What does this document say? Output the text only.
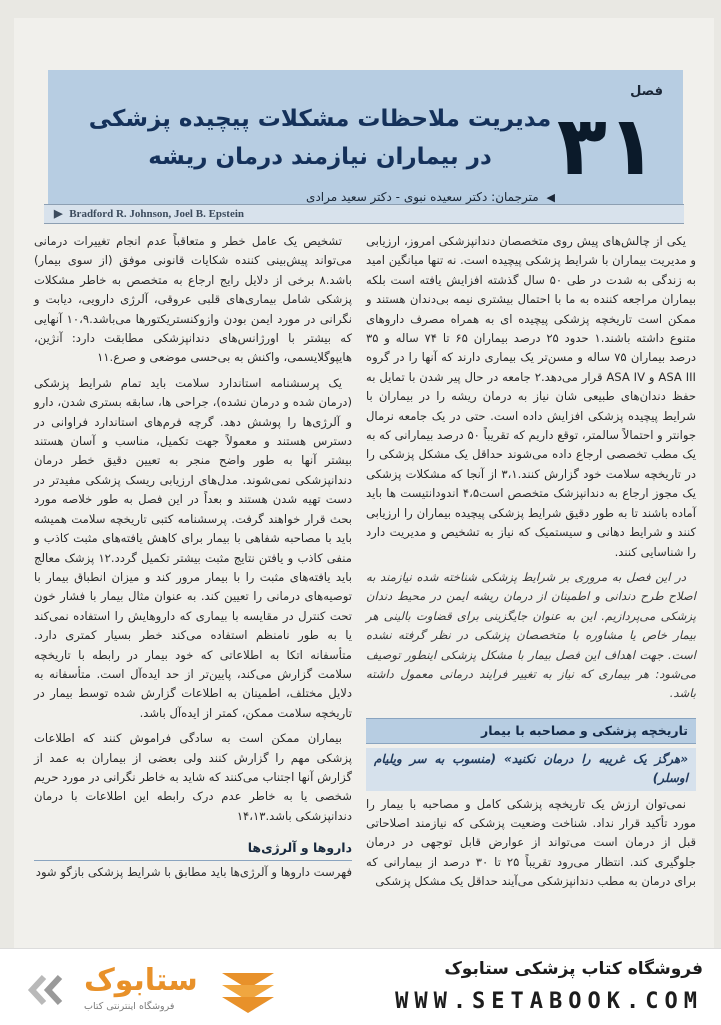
فصل
۳۱
مدیریت ملاحظات مشکلات پیچیده پزشکی در بیماران نیازمند درمان ریشه
◀ مترجمان: دکتر سعیده نبوی - دکتر سعید مرادی
▶ Bradford R. Johnson, Joel B. Epstein

یکی از چالش‌های پیش روی متخصصان دندانپزشکی امروز، ارزیابی و مدیریت بیماران با شرایط پزشکی پیچیده است. نه تنها میانگین امید به زندگی به شدت در طی ۵۰ سال گذشته افزایش یافته است بلکه بیماران مراجعه کننده به ما با احتمال بیشتری نیمه بی‌دندان هستند و ممکن است تاریخچه پزشکی پیچیده ای به همراه مصرف داروهای متنوع داشته باشند.۱ حدود ۲۵ درصد بیماران ۶۵ تا ۷۴ ساله و ۳۵ درصد بیماران ۷۵ ساله و مسن‌تر یک بیماری دارند که آنها را در گروه ASA III و ASA IV قرار می‌دهد.۲ جامعه در حال پیر شدن با تمایل به حفظ دندان‌های طبیعی شان نیاز به درمان ریشه را در بیماران با شرایط پیچیده پزشکی افزایش داده است. حتی در یک جامعه نرمال جوانتر و احتمالاً سالمتر، توقع داریم که تقریباً ۵۰ درصد بیمارانی که به یک مطب تخصصی ارجاع داده می‌شوند حداقل یک مشکل پزشکی را در تاریخچه سلامت خود گزارش کنند.۳،۱ از آنجا که مشکلات پزشکی یک مجوز ارجاع به دندانپزشک متخصص است۴،۵ اندودانتیست ها باید آماده باشند تا به طور دقیق شرایط پزشکی پیچیده بیماران را ارزیابی کنند و شرایط دهانی و سیستمیک که نیاز به تشخیص و مدیریت دارد را شناسایی کنند.

در این فصل به مروری بر شرایط پزشکی شناخته شده نیازمند به اصلاح طرح دندانی و اطمینان از درمان ریشه ایمن در محیط دندان پزشکی می‌پردازیم. این به عنوان جایگزینی برای قضاوت بالینی هر بیمار خاص یا مشاوره با متخصصان پزشکی در نظر گرفته نشده است. جهت اهداف این فصل بیمار با مشکل پزشکی اینطور توصیف می‌شود: هر بیماری که نیاز به تغییر فرایند درمانی معمول داشته باشد.

تاریخچه پزشکی و مصاحبه با بیمار
«هرگز یک غریبه را درمان نکنید» (منسوب به سر ویلیام اوسلر)

نمی‌توان ارزش یک تاریخچه پزشکی کامل و مصاحبه با بیمار را مورد تأکید قرار نداد. شناخت وضعیت پزشکی که نیازمند اصلاحاتی قبل از درمان است می‌تواند از عوارض قابل توجهی در درمان جلوگیری کند. انتظار می‌رود تقریباً ۲۵ تا ۳۰ درصد از بیمارانی که برای درمان به مطب دندانپزشکی می‌آیند حداقل یک مشکل پزشکی

تشخیص یک عامل خطر و متعاقباً عدم انجام تغییرات درمانی می‌تواند پیش‌بینی کننده شکایات قانونی موفق (از سوی بیمار) باشد.۸ برخی از دلایل رایج ارجاع به متخصص به خاطر مشکلات پزشکی شامل بیماری‌های قلبی عروقی، آلرژی دارویی، دیابت و نگرانی در مورد ایمن بودن وازوکنستریکتورها می‌باشد.۱۰،۹ آنهایی که بیشتر با اورژانس‌های دندانپزشکی مطابقت دارد: آنژین، هایپوگلایسمی، واکنش به بی‌حسی موضعی و صرع.۱۱

یک پرسشنامه استاندارد سلامت باید تمام شرایط پزشکی (درمان شده و درمان نشده)، جراحی ها، سابقه بستری شدن، دارو و آلرژی‌ها را پوشش دهد. گرچه فرم‌های استاندارد فراوانی در دسترس هستند و معمولاً جهت تکمیل، مناسب و آسان هستند بیشتر آنها به طور واضح منجر به تعیین دقیق خطر درمان دندانپزشکی نمی‌شوند. مدل‌های ارزیابی ریسک پزشکی مفیدتر در دست تهیه شدن هستند و بعداً در این فصل به طور خلاصه مورد بحث قرار خواهند گرفت. پرسشنامه کتبی تاریخچه سلامت همیشه باید با مصاحبه شفاهی با بیمار برای کاهش یافته‌های مثبت کاذب و منفی کاذب و یافتن نتایج مثبت بیشتر تکمیل گردد.۱۲ پزشک معالج باید یافته‌های مثبت را با بیمار مرور کند و میزان انطباق بیمار با توصیه‌های درمانی را تعیین کند. به عنوان مثال بیمار با فشار خون تحت کنترل در مقایسه با بیماری که داروهایش را استفاده نمی‌کند یا به طور نامنظم استفاده می‌کند خطر بسیار کمتری دارد. متأسفانه اتکا به اطلاعاتی که خود بیمار در رابطه با تاریخچه سلامت گزارش می‌کند، پایین‌تر از حد ایده‌آل است. متأسفانه به دلایل مختلف، اطمینان به اطلاعات گزارش شده توسط بیمار در تاریخچه سلامت ممکن، کمتر از ایده‌آل باشد.

بیماران ممکن است به سادگی فراموش کنند که اطلاعات پزشکی مهم را گزارش کنند ولی بعضی از بیماران به عمد از گزارش آنها اجتناب می‌کنند که شاید به خاطر نگرانی در مورد حریم شخصی یا به خاطر عدم درک رابطه این اطلاعات با درمان دندانپزشکی باشد.۱۴،۱۳

داروها و آلرژی‌ها
فهرست داروها و آلرژی‌ها باید مطابق با شرایط پزشکی بازگو شود
ستابوک
فروشگاه اینترنتی کتاب
فروشگاه کتاب پزشکی ستابوک
WWW.SETABOOK.COM
